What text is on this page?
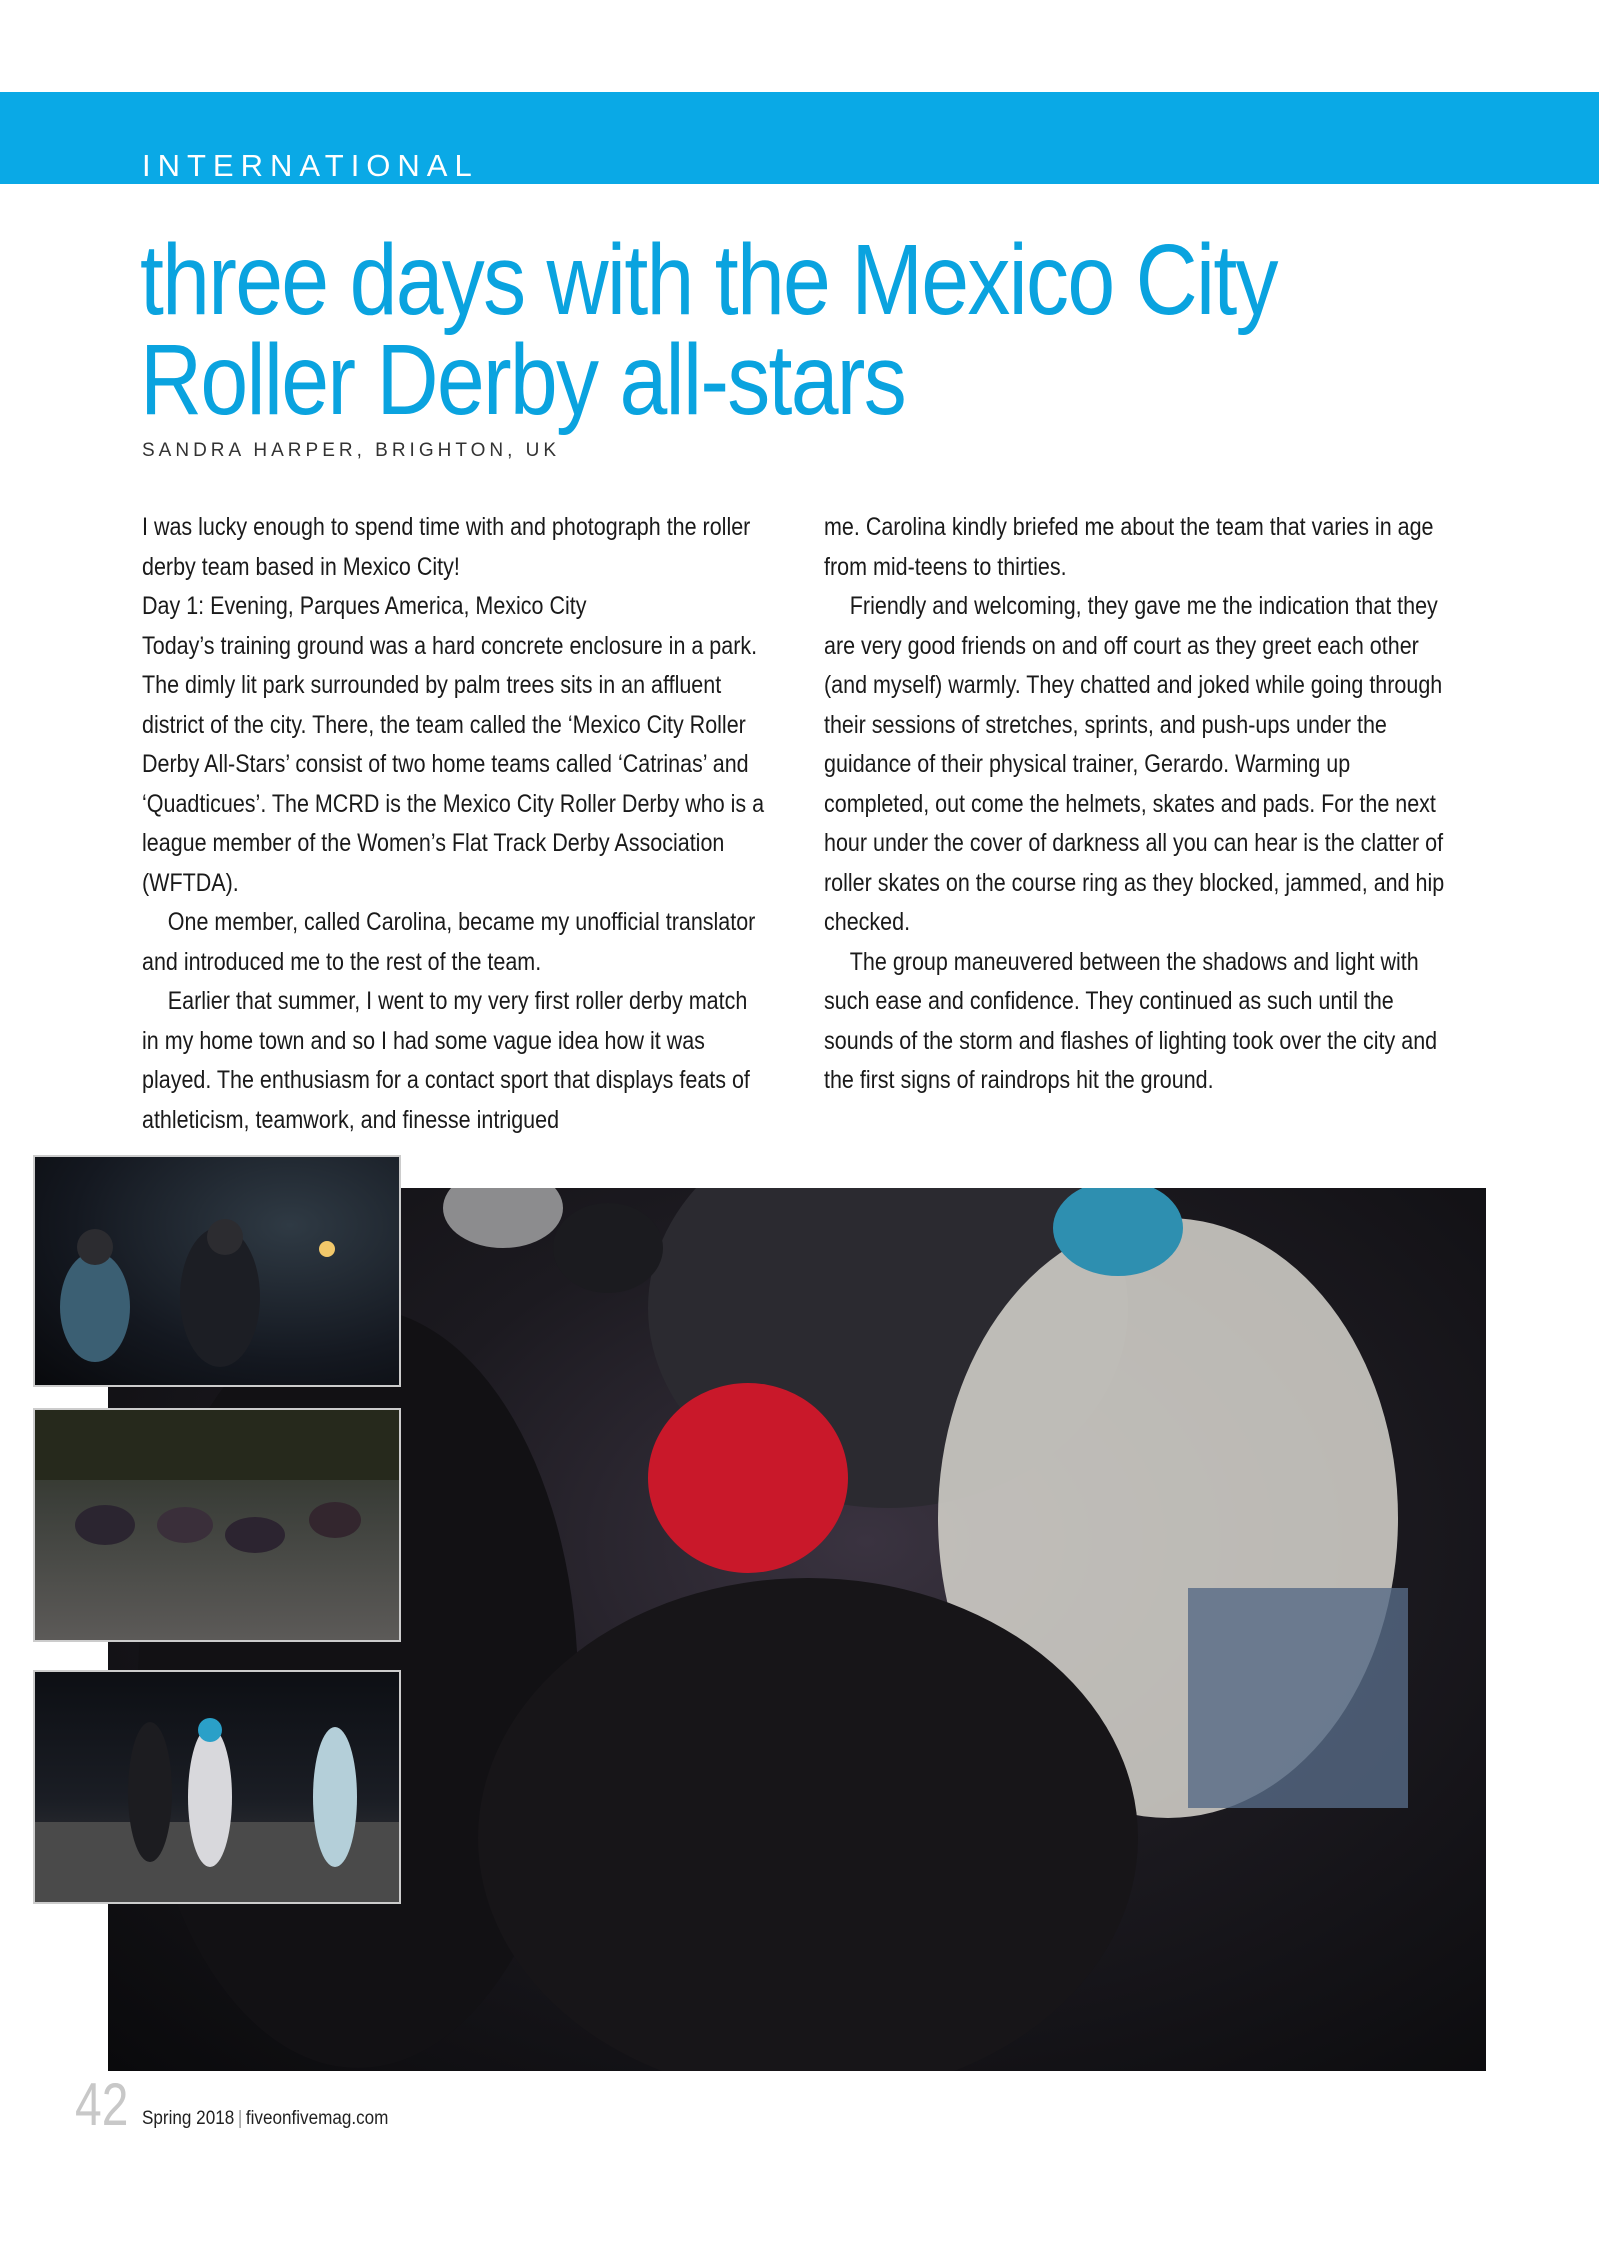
INTERNATIONAL
three days with the Mexico City
Roller Derby all-stars
SANDRA HARPER, BRIGHTON, UK

I was lucky enough to spend time with and photograph the roller derby team based in Mexico City!

Day 1: Evening, Parques America, Mexico City

Today’s training ground was a hard concrete enclosure in a park. The dimly lit park surrounded by palm trees sits in an affluent district of the city. There, the team called the ‘Mexico City Roller Derby All-Stars’ consist of two home teams called ‘Catrinas’ and ‘Quadticues’. The MCRD is the Mexico City Roller Derby who is a league member of the Women’s Flat Track Derby Association (WFTDA).

One member, called Carolina, became my unofficial translator and introduced me to the rest of the team.

Earlier that summer, I went to my very first roller derby match in my home town and so I had some vague idea how it was played. The enthusiasm for a contact sport that displays feats of athleticism, teamwork, and finesse intrigued

me. Carolina kindly briefed me about the team that varies in age from mid-teens to thirties.

Friendly and welcoming, they gave me the indication that they are very good friends on and off court as they greet each other (and myself) warmly. They chatted and joked while going through their sessions of stretches, sprints, and push-ups under the guidance of their physical trainer, Gerardo. Warming up completed, out come the helmets, skates and pads. For the next hour under the cover of darkness all you can hear is the clatter of roller skates on the course ring as they blocked, jammed, and hip checked.

The group maneuvered between the shadows and light with such ease and confidence. They continued as such until the sounds of the storm and flashes of lighting took over the city and the first signs of raindrops hit the ground.

42 Spring 2018 | fiveonfivemag.com
